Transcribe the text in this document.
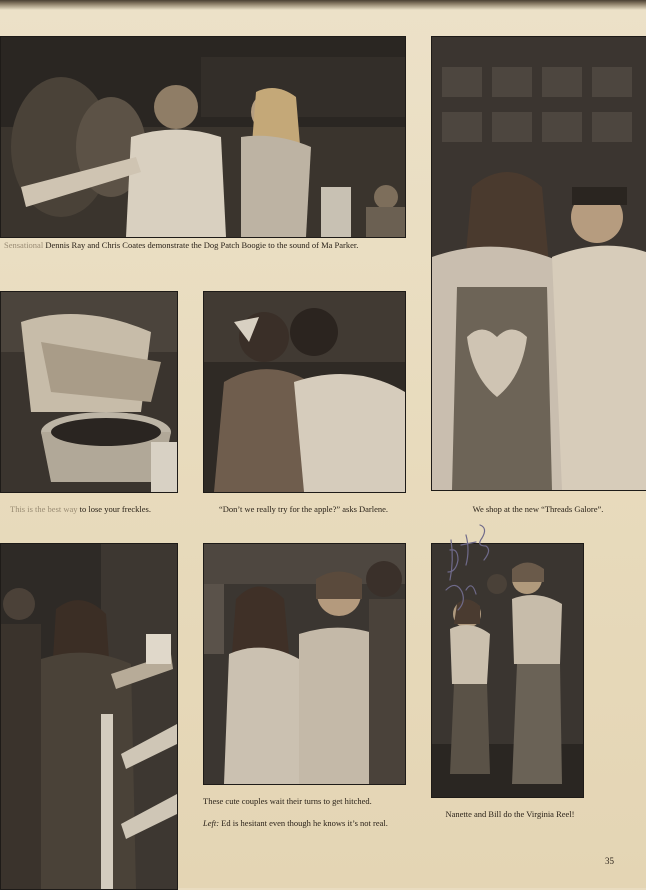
Sensational Dennis Ray and Chris Coates demonstrate the Dog Patch Boogie to the sound of Ma Parker.
We shop at the new “Threads Galore”.
This is the best way to lose your freckles.	“Don’t we really try for the apple?” asks Darlene.
These cute couples wait their turns to get hitched.
Left: Ed is hesitant even though he knows it’s not real.
Nanette and Bill do the Virginia Reel!
35
